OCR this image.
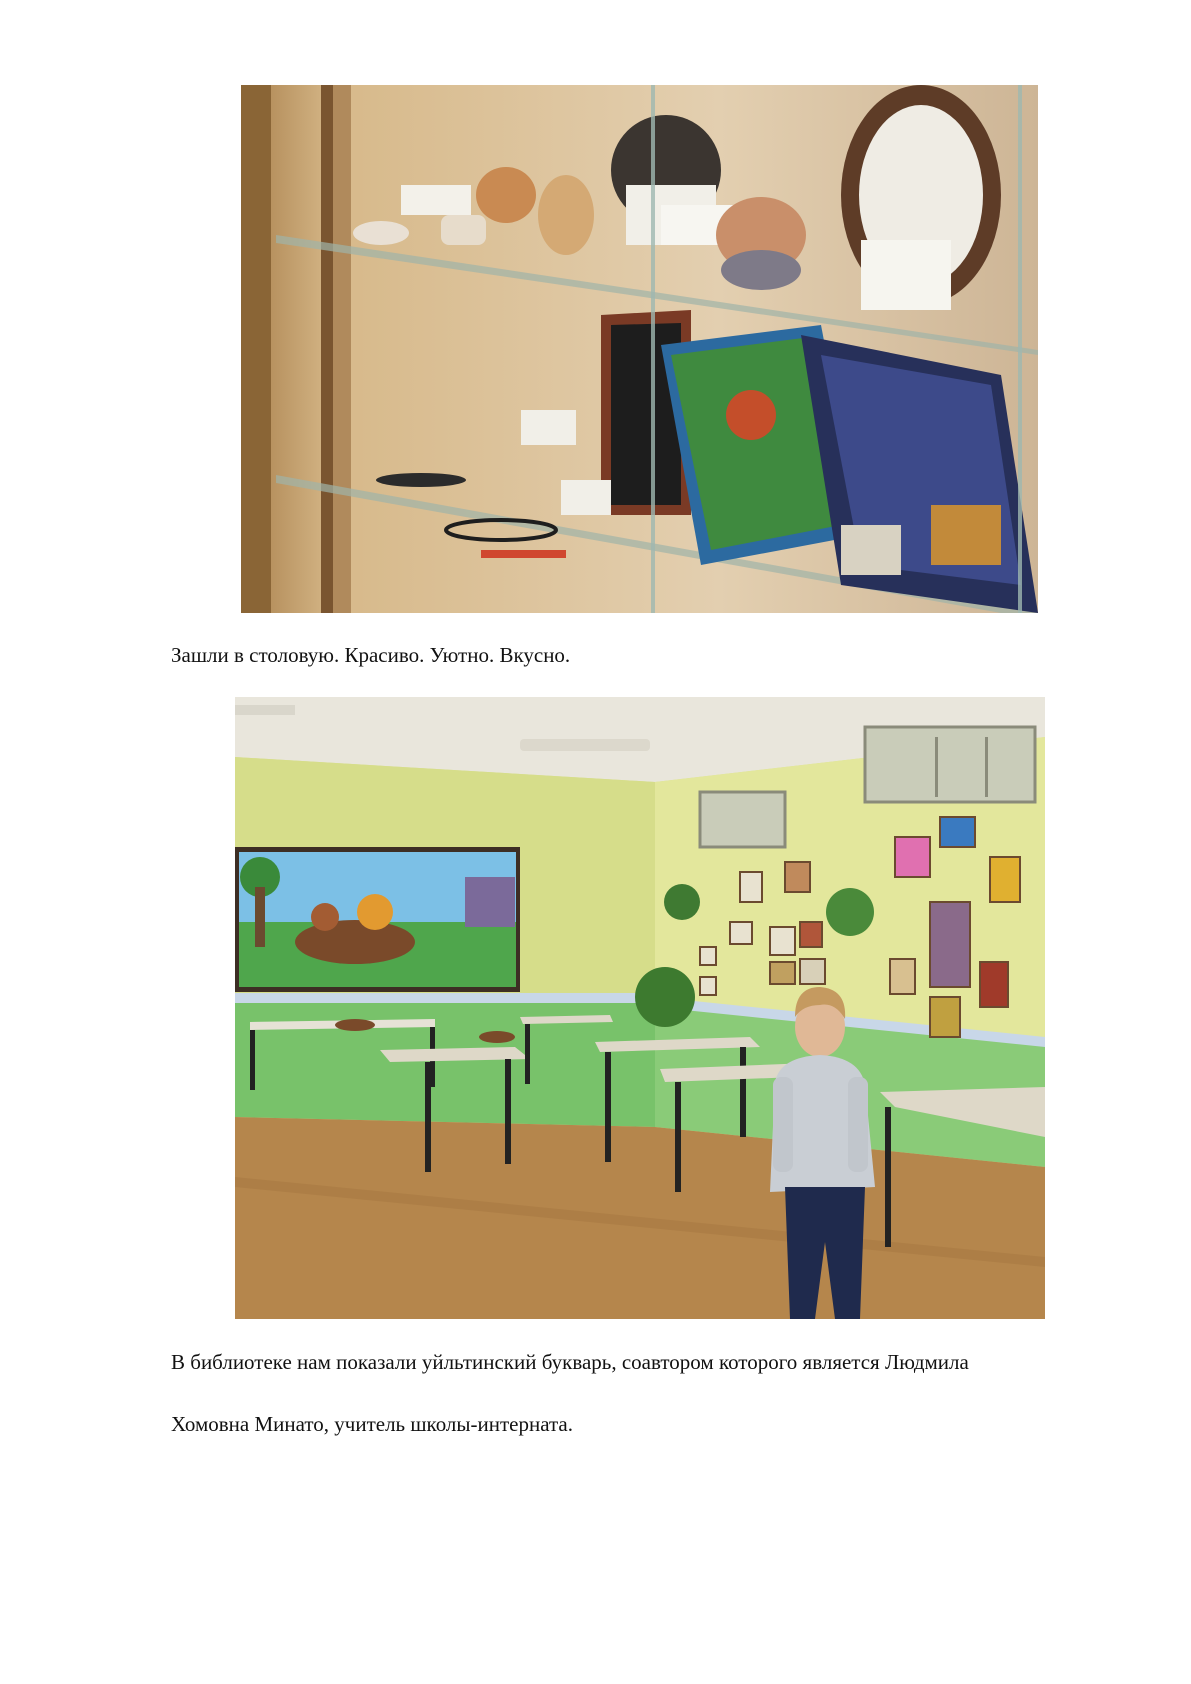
Зашли в столовую. Красиво. Уютно. Вкусно.

В библиотеке нам показали уйльтинский букварь, соавтором которого является Людмила
Хомовна Минато, учитель школы-интерната.
